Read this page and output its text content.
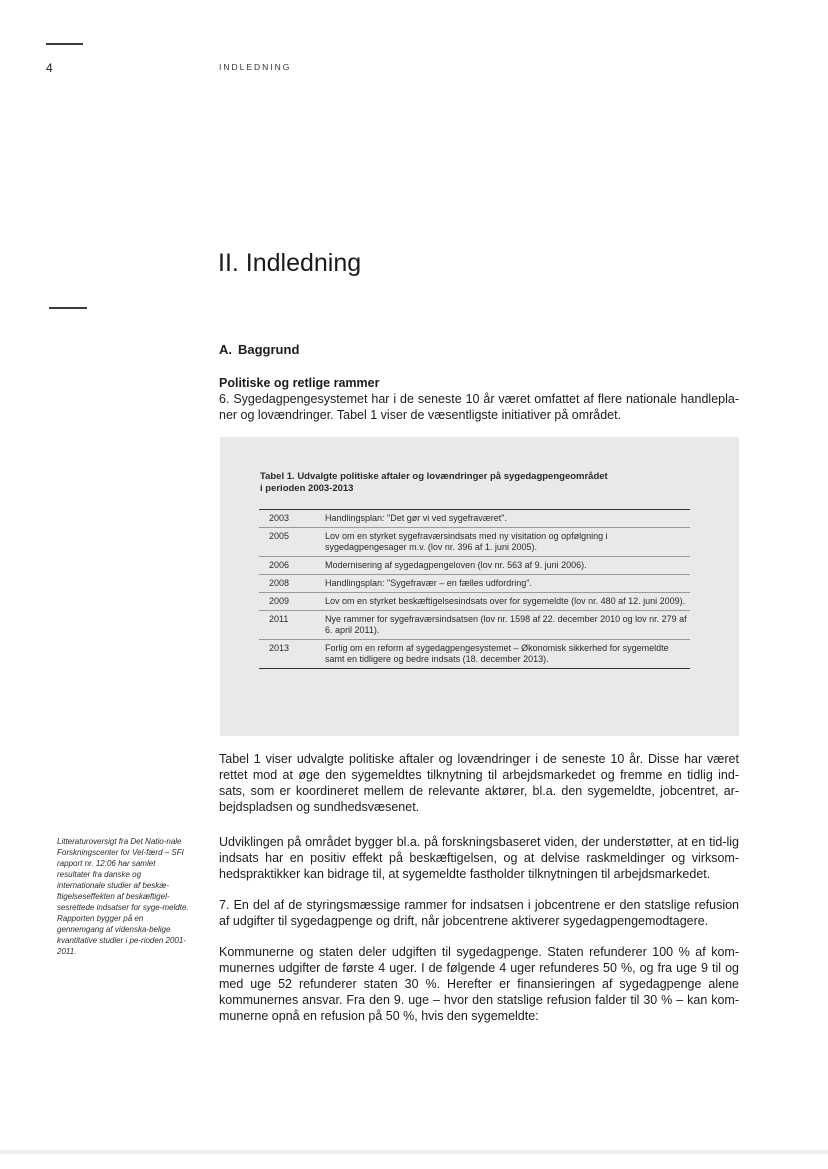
4	INDLEDNING
II. Indledning
A. Baggrund
Politiske og retlige rammer

6. Sygedagpengesystemet har i de seneste 10 år været omfattet af flere nationale handlepla-ner og lovændringer. Tabel 1 viser de væsentligste initiativer på området.

Tabel 1. Udvalgte politiske aftaler og lovændringer på sygedagpengeområdet
i perioden 2003-2013

2003	Handlingsplan: "Det gør vi ved sygefraværet".
2005	Lov om en styrket sygefraværsindsats med ny visitation og opfølgning i sygedagpengesager m.v. (lov nr. 396 af 1. juni 2005).
2006	Modernisering af sygedagpengeloven (lov nr. 563 af 9. juni 2006).
2008	Handlingsplan: "Sygefravær – en fælles udfordring".
2009	Lov om en styrket beskæftigelsesindsats over for sygemeldte (lov nr. 480 af 12. juni 2009).
2011	Nye rammer for sygefraværsindsatsen (lov nr. 1598 af 22. december 2010 og lov nr. 279 af 6. april 2011).
2013	Forlig om en reform af sygedagpengesystemet – Økonomisk sikkerhed for sygemeldte samt en tidligere og bedre indsats (18. december 2013).

Tabel 1 viser udvalgte politiske aftaler og lovændringer i de seneste 10 år. Disse har været rettet mod at øge den sygemeldtes tilknytning til arbejdsmarkedet og fremme en tidlig ind-sats, som er koordineret mellem de relevante aktører, bl.a. den sygemeldte, jobcentret, ar-bejdspladsen og sundhedsvæsenet.

Litteraturoversigt fra Det Natio-nale Forskningscenter for Vel-færd – SFI rapport nr. 12:06 har samlet resultater fra danske og internationale studier af beskæ-ftigelseseffekten af beskæftigel-sesrettede indsatser for syge-meldte. Rapporten bygger på en gennemgang af videnska-belige kvantitative studier i pe-rioden 2001-2011.

Udviklingen på området bygger bl.a. på forskningsbaseret viden, der understøtter, at en tid-lig indsats har en positiv effekt på beskæftigelsen, og at delvise raskmeldinger og virksom-hedspraktikker kan bidrage til, at sygemeldte fastholder tilknytningen til arbejdsmarkedet.

7. En del af de styringsmæssige rammer for indsatsen i jobcentrene er den statslige refusion af udgifter til sygedagpenge og drift, når jobcentrene aktiverer sygedagpengemodtagere.

Kommunerne og staten deler udgiften til sygedagpenge. Staten refunderer 100 % af kom-munernes udgifter de første 4 uger. I de følgende 4 uger refunderes 50 %, og fra uge 9 til og med uge 52 refunderer staten 30 %. Herefter er finansieringen af sygedagpenge alene kommunernes ansvar. Fra den 9. uge – hvor den statslige refusion falder til 30 % – kan kom-munerne opnå en refusion på 50 %, hvis den sygemeldte:
